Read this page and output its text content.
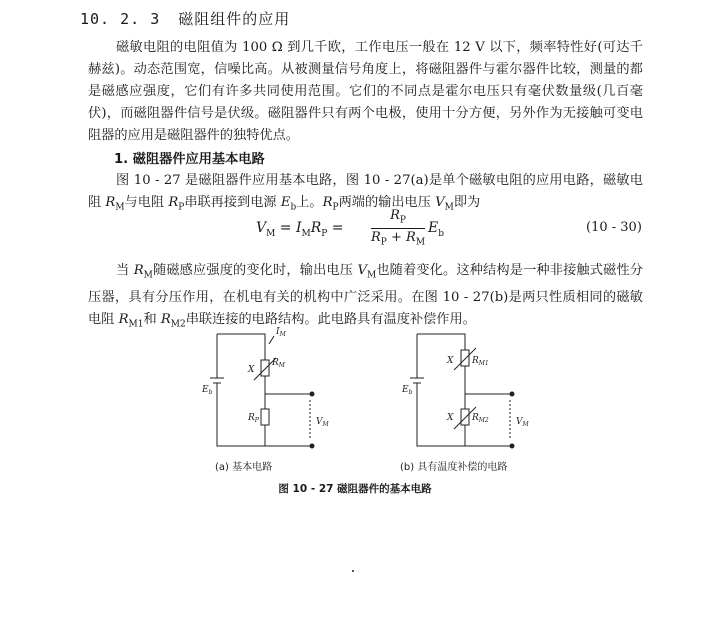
10. 2. 3 磁阻组件的应用

磁敏电阻的电阻值为 100 Ω 到几千欧，工作电压一般在 12 V 以下，频率特性好(可达千赫兹)。动态范围宽，信噪比高。从被测量信号角度上，将磁阻器件与霍尔器件比较，测量的都是磁感应强度，它们有许多共同使用范围。它们的不同点是霍尔电压只有毫伏数量级(几百毫伏)，而磁阻器件信号是伏级。磁阻器件只有两个电极，使用十分方便，另外作为无接触可变电阻器的应用是磁阻器件的独特优点。

1. 磁阻器件应用基本电路

图 10 - 27 是磁阻器件应用基本电路，图 10 - 27(a)是单个磁敏电阻的应用电路，磁敏电阻 $R_M$与电阻 $R_P$串联再接到电源 $E_b$上。$R_P$两端的输出电压 $V_M$即为

$V_M = I_MR_P = \frac{R_P}{R_P + R_M} E_b$	(10 - 30)

当 $R_M$随磁感应强度的变化时，输出电压 $V_M$也随着变化。这种结构是一种非接触式磁性分压器，具有分压作用，在机电有关的机构中广泛采用。在图 10 - 27(b)是两只性质相同的磁敏电阻 $R_{M1}$和 $R_{M2}$串联连接的电路结构。此电路具有温度补偿作用。

$I_M$
$R_M$
X
$E_b$
$R_P$	$V_M$
$R_{M1}$
X
$E_b$
$R_{M2}$
X	$V_M$
(a) 基本电路	(b) 具有温度补偿的电路
图 10 - 27 磁阻器件的基本电路
